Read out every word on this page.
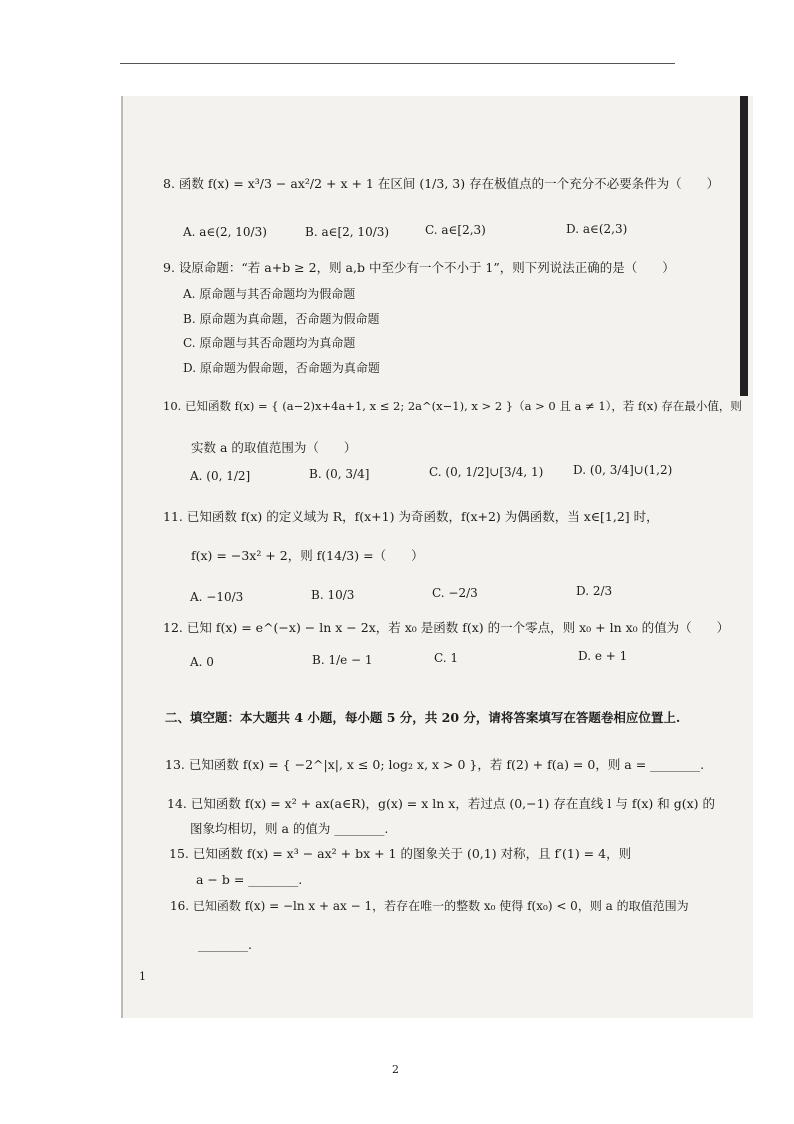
8. 函数 f(x) = x³/3 − ax²/2 + x + 1 在区间 (1/3, 3) 存在极值点的一个充分不必要条件为（　　）
A. a∈(2, 10/3)	B. a∈[2, 10/3)	C. a∈[2,3)	D. a∈(2,3)
9. 设原命题：“若 a+b ≥ 2，则 a,b 中至少有一个不小于 1”，则下列说法正确的是（　　）
A. 原命题与其否命题均为假命题
B. 原命题为真命题，否命题为假命题
C. 原命题与其否命题均为真命题
D. 原命题为假命题，否命题为真命题
10. 已知函数 f(x) = { (a−2)x+4a+1, x ≤ 2; 2a^(x−1), x > 2 }（a > 0 且 a ≠ 1），若 f(x) 存在最小值，则
实数 a 的取值范围为（　　）
A. (0, 1/2]	B. (0, 3/4]	C. (0, 1/2]∪[3/4, 1) D. (0, 3/4]∪(1,2)
11. 已知函数 f(x) 的定义域为 R，f(x+1) 为奇函数，f(x+2) 为偶函数，当 x∈[1,2] 时，
f(x) = −3x² + 2，则 f(14/3) =（　　）
A. −10/3	B. 10/3	C. −2/3	D. 2/3
12. 已知 f(x) = e^(−x) − ln x − 2x，若 x₀ 是函数 f(x) 的一个零点，则 x₀ + ln x₀ 的值为（　　）
A. 0	B. 1/e − 1	C. 1	D. e + 1
二、填空题：本大题共 4 小题，每小题 5 分，共 20 分，请将答案填写在答题卷相应位置上.
13. 已知函数 f(x) = { −2^|x|, x ≤ 0; log₂ x, x > 0 }，若 f(2) + f(a) = 0，则 a = ________.
14. 已知函数 f(x) = x² + ax(a∈R)，g(x) = x ln x，若过点 (0,−1) 存在直线 l 与 f(x) 和 g(x) 的
图象均相切，则 a 的值为 ________.
15. 已知函数 f(x) = x³ − ax² + bx + 1 的图象关于 (0,1) 对称，且 f′(1) = 4，则
a − b = ________.
16. 已知函数 f(x) = −ln x + ax − 1，若存在唯一的整数 x₀ 使得 f(x₀) < 0，则 a 的取值范围为
________.
1
2
